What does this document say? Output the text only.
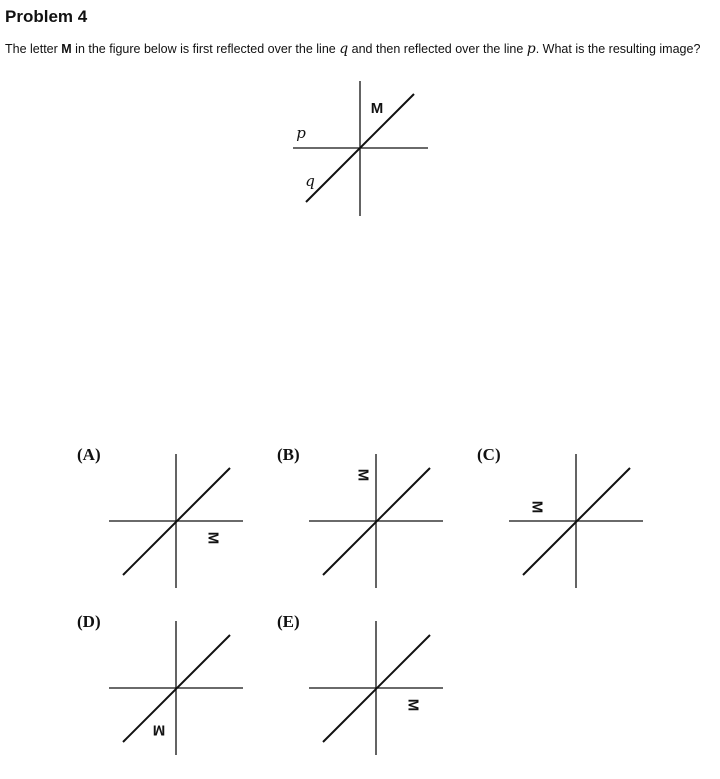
Problem 4

The letter M in the figure below is first reflected over the line q and then reflected over the line p. What is the resulting image?

M
p
q
(A)	(B)	(C)
(D)	(E)
M
M
M
M
M
